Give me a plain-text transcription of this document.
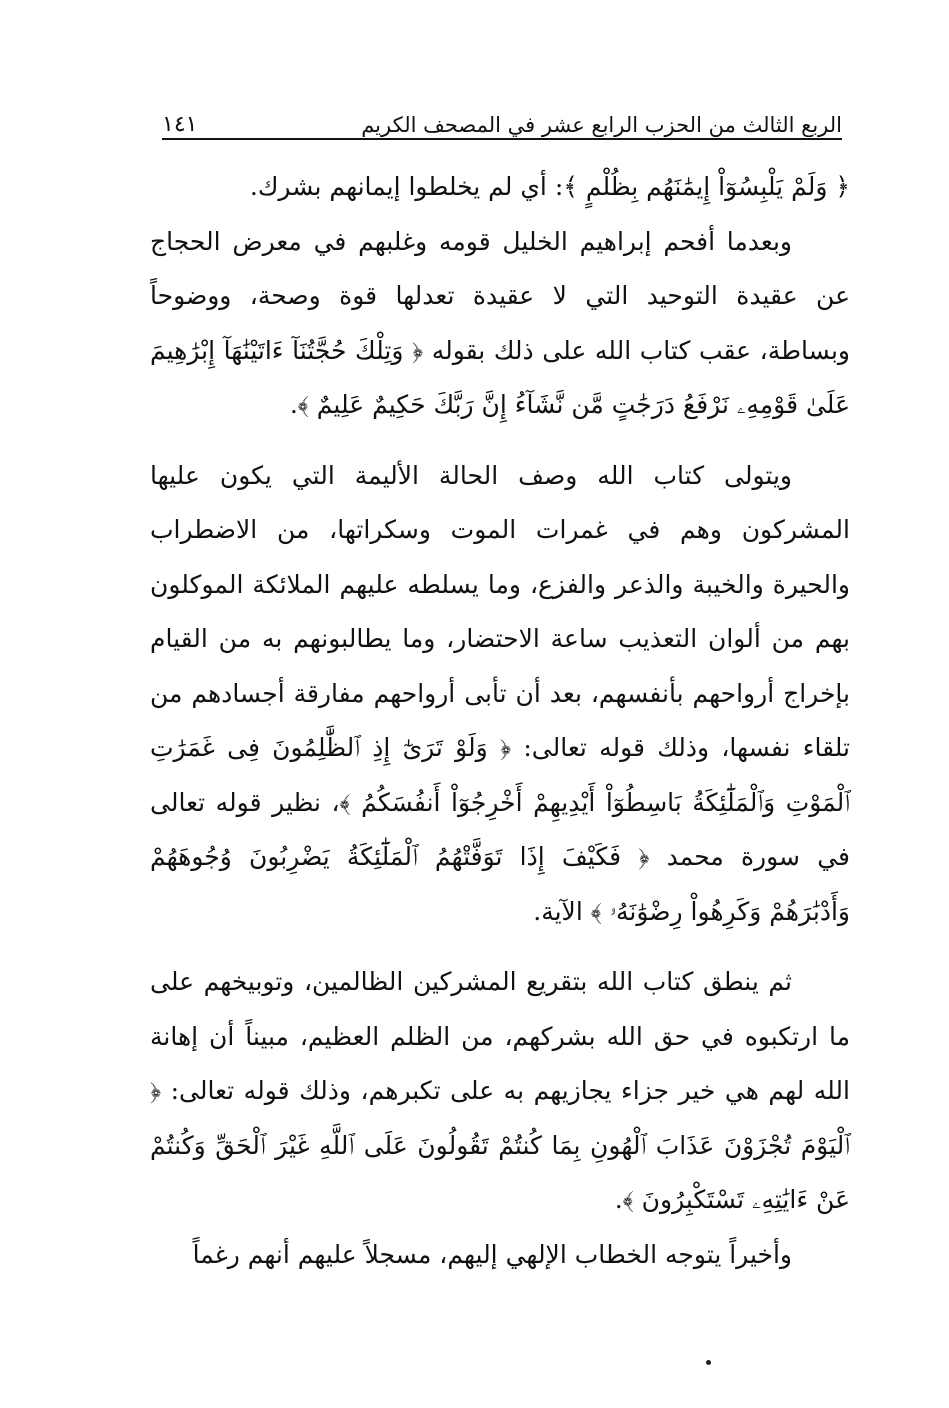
الربع الثالث من الحزب الرابع عشر في المصحف الكريم
١٤١

﴿ وَلَمْ يَلْبِسُوٓاْ إِيمَٰنَهُم بِظُلْمٍ ﴾: أي لم يخلطوا إيمانهم بشرك.

وبعدما أفحم إبراهيم الخليل قومه وغلبهم في معرض الحجاج عن عقيدة التوحيد التي لا عقيدة تعدلها قوة وصحة، ووضوحاً وبساطة، عقب كتاب الله على ذلك بقوله ﴿ وَتِلْكَ حُجَّتُنَآ ءَاتَيْنَٰهَآ إِبْرَٰهِيمَ عَلَىٰ قَوْمِهِۦ نَرْفَعُ دَرَجَٰتٍ مَّن نَّشَآءُ إِنَّ رَبَّكَ حَكِيمٌ عَلِيمٌ ﴾.

ويتولى كتاب الله وصف الحالة الأليمة التي يكون عليها المشركون وهم في غمرات الموت وسكراتها، من الاضطراب والحيرة والخيبة والذعر والفزع، وما يسلطه عليهم الملائكة الموكلون بهم من ألوان التعذيب ساعة الاحتضار، وما يطالبونهم به من القيام بإخراج أرواحهم بأنفسهم، بعد أن تأبى أرواحهم مفارقة أجسادهم من تلقاء نفسها، وذلك قوله تعالى: ﴿ وَلَوْ تَرَىٰٓ إِذِ ٱلظَّٰلِمُونَ فِى غَمَرَٰتِ ٱلْمَوْتِ وَٱلْمَلَٰٓئِكَةُ بَاسِطُوٓاْ أَيْدِيهِمْ أَخْرِجُوٓاْ أَنفُسَكُمُ ﴾، نظير قوله تعالى في سورة محمد ﴿ فَكَيْفَ إِذَا تَوَفَّتْهُمُ ٱلْمَلَٰٓئِكَةُ يَضْرِبُونَ وُجُوهَهُمْ وَأَدْبَٰرَهُمْ وَكَرِهُواْ رِضْوَٰنَهُۥ ﴾ الآية.

ثم ينطق كتاب الله بتقريع المشركين الظالمين، وتوبيخهم على ما ارتكبوه في حق الله بشركهم، من الظلم العظيم، مبيناً أن إهانة الله لهم هي خير جزاء يجازيهم به على تكبرهم، وذلك قوله تعالى: ﴿ ٱلْيَوْمَ تُجْزَوْنَ عَذَابَ ٱلْهُونِ بِمَا كُنتُمْ تَقُولُونَ عَلَى ٱللَّهِ غَيْرَ ٱلْحَقِّ وَكُنتُمْ عَنْ ءَايَٰتِهِۦ تَسْتَكْبِرُونَ ﴾.

وأخيراً يتوجه الخطاب الإلهي إليهم، مسجلاً عليهم أنهم رغماً
